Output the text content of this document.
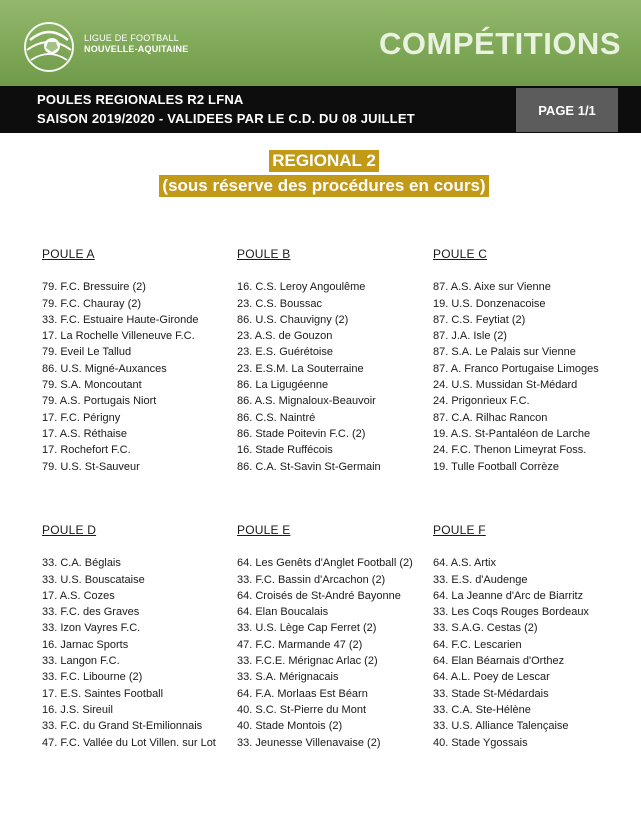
LIGUE DE FOOTBALL
NOUVELLE-AQUITAINE	COMPÉTITIONS
POULES REGIONALES R2 LFNA
SAISON 2019/2020 - VALIDEES PAR LE C.D. DU 08 JUILLET
PAGE 1/1
REGIONAL 2
(sous réserve des procédures en cours)
POULE A
79. F.C. Bressuire (2)
79. F.C. Chauray (2)
33. F.C. Estuaire Haute-Gironde
17. La Rochelle Villeneuve F.C.
79. Eveil Le Tallud
86. U.S. Migné-Auxances
79. S.A. Moncoutant
79. A.S. Portugais Niort
17. F.C. Périgny
17. A.S. Réthaise
17. Rochefort F.C.
79. U.S. St-Sauveur
POULE B
16. C.S. Leroy Angoulême
23. C.S. Boussac
86. U.S. Chauvigny (2)
23. A.S. de Gouzon
23. E.S. Guérétoise
23. E.S.M. La Souterraine
86. La Ligugéenne
86. A.S. Mignaloux-Beauvoir
86. C.S. Naintré
86. Stade Poitevin F.C. (2)
16. Stade Ruffécois
86. C.A. St-Savin St-Germain
POULE C
87. A.S. Aixe sur Vienne
19. U.S. Donzenacoise
87. C.S. Feytiat (2)
87. J.A. Isle (2)
87. S.A. Le Palais sur Vienne
87. A. Franco Portugaise Limoges
24. U.S. Mussidan St-Médard
24. Prigonrieux F.C.
87. C.A. Rilhac Rancon
19. A.S. St-Pantaléon de Larche
24. F.C. Thenon Limeyrat Foss.
19. Tulle Football Corrèze
POULE D
33. C.A. Béglais
33. U.S. Bouscataise
17. A.S. Cozes
33. F.C. des Graves
33. Izon Vayres F.C.
16. Jarnac Sports
33. Langon F.C.
33. F.C. Libourne (2)
17. E.S. Saintes Football
16. J.S. Sireuil
33. F.C. du Grand St-Emilionnais
47. F.C. Vallée du Lot Villen. sur Lot
POULE E
64. Les Genêts d'Anglet Football (2)
33. F.C. Bassin d'Arcachon (2)
64. Croisés de St-André Bayonne
64. Elan Boucalais
33. U.S. Lège Cap Ferret (2)
47. F.C. Marmande 47 (2)
33. F.C.E. Mérignac Arlac (2)
33. S.A. Mérignacais
64. F.A. Morlaas Est Béarn
40. S.C. St-Pierre du Mont
40. Stade Montois (2)
33. Jeunesse Villenavaise (2)
POULE F
64. A.S. Artix
33. E.S. d'Audenge
64. La Jeanne d'Arc de Biarritz
33. Les Coqs Rouges Bordeaux
33. S.A.G. Cestas (2)
64. F.C. Lescarien
64. Elan Béarnais d'Orthez
64. A.L. Poey de Lescar
33. Stade St-Médardais
33. C.A. Ste-Hélène
33. U.S. Alliance Talençaise
40. Stade Ygossais
